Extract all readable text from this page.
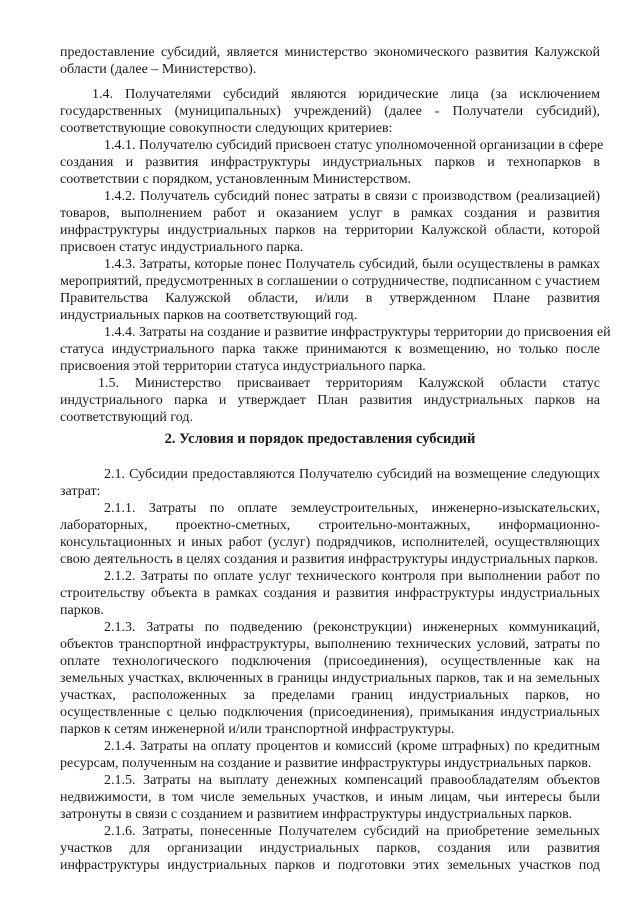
предоставление субсидий, является министерство экономического развития Калужской
области (далее – Министерство).
1.4. Получателями субсидий являются юридические лица (за исключением
государственных (муниципальных) учреждений) (далее - Получатели субсидий),
соответствующие совокупности следующих критериев:
1.4.1. Получателю субсидий присвоен статус уполномоченной организации в сфере
создания и развития инфраструктуры индустриальных парков и технопарков в
соответствии с порядком, установленным Министерством.
1.4.2. Получатель субсидий понес затраты в связи с производством (реализацией)
товаров, выполнением работ и оказанием услуг в рамках создания и развития
инфраструктуры индустриальных парков на территории Калужской области, которой
присвоен статус индустриального парка.
1.4.3. Затраты, которые понес Получатель субсидий, были осуществлены в рамках
мероприятий, предусмотренных в соглашении о сотрудничестве, подписанном с участием
Правительства Калужской области, и/или в утвержденном Плане развития
индустриальных парков на соответствующий год.
1.4.4. Затраты на создание и развитие инфраструктуры территории до присвоения ей
статуса индустриального парка также принимаются к возмещению, но только после
присвоения этой территории статуса индустриального парка.
1.5. Министерство присваивает территориям Калужской области статус
индустриального парка и утверждает План развития индустриальных парков на
соответствующий год.
2.1. Субсидии предоставляются Получателю субсидий на возмещение следующих
затрат:
2.1.1. Затраты по оплате землеустроительных, инженерно-изыскательских,
лабораторных, проектно-сметных, строительно-монтажных, информационно-
консультационных и иных работ (услуг) подрядчиков, исполнителей, осуществляющих
свою деятельность в целях создания и развития инфраструктуры индустриальных парков.
2.1.2. Затраты по оплате услуг технического контроля при выполнении работ по
строительству объекта в рамках создания и развития инфраструктуры индустриальных
парков.
2.1.3. Затраты по подведению (реконструкции) инженерных коммуникаций,
объектов транспортной инфраструктуры, выполнению технических условий, затраты по
оплате технологического подключения (присоединения), осуществленные как на
земельных участках, включенных в границы индустриальных парков, так и на земельных
участках, расположенных за пределами границ индустриальных парков, но
осуществленные с целью подключения (присоединения), примыкания индустриальных
парков к сетям инженерной и/или транспортной инфраструктуры.
2.1.4. Затраты на оплату процентов и комиссий (кроме штрафных) по кредитным
ресурсам, полученным на создание и развитие инфраструктуры индустриальных парков.
2.1.5. Затраты на выплату денежных компенсаций правообладателям объектов
недвижимости, в том числе земельных участков, и иным лицам, чьи интересы были
затронуты в связи с созданием и развитием инфраструктуры индустриальных парков.
2.1.6. Затраты, понесенные Получателем субсидий на приобретение земельных
участков для организации индустриальных парков, создания или развития
инфраструктуры индустриальных парков и подготовки этих земельных участков под
2. Условия и порядок предоставления субсидий
